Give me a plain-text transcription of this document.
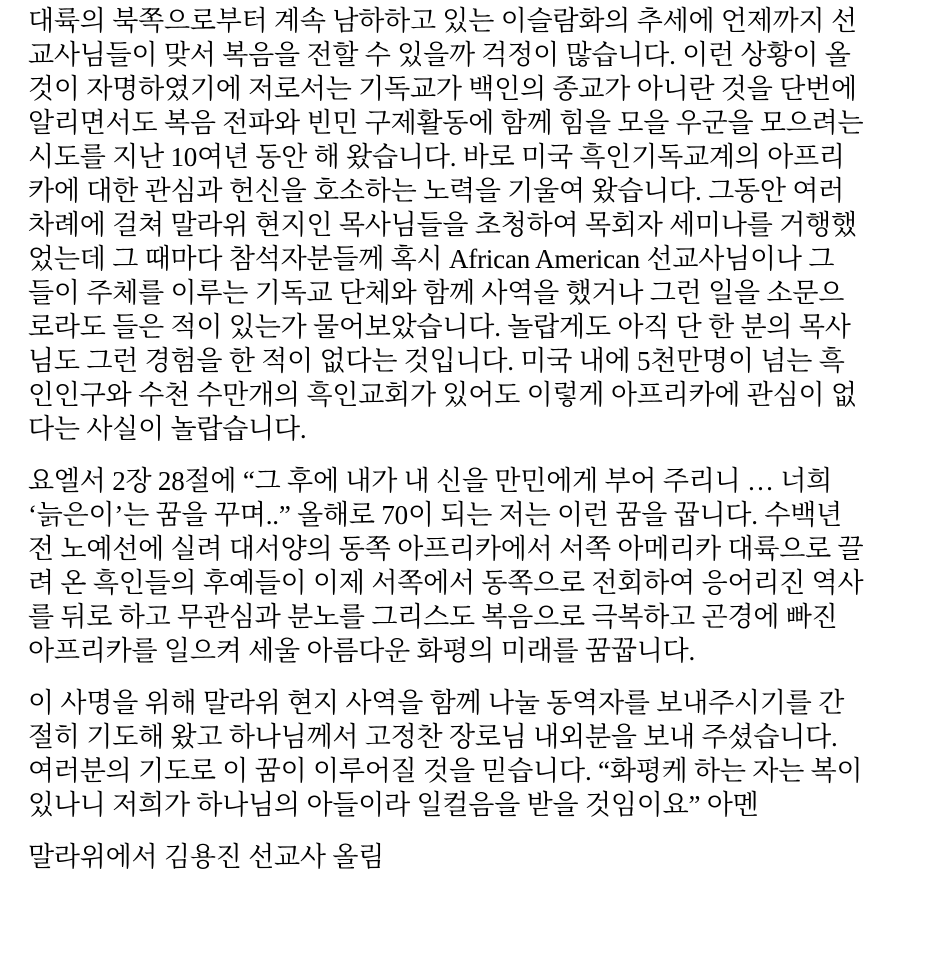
대륙의 북쪽으로부터 계속 남하하고 있는 이슬람화의 추세에 언제까지 선
교사님들이 맞서 복음을 전할 수 있을까 걱정이 많습니다. 이런 상황이 올
것이 자명하였기에 저로서는 기독교가 백인의 종교가 아니란 것을 단번에
알리면서도 복음 전파와 빈민 구제활동에 함께 힘을 모을 우군을 모으려는
시도를 지난 10여년 동안 해 왔습니다. 바로 미국 흑인기독교계의 아프리
카에 대한 관심과 헌신을 호소하는 노력을 기울여 왔습니다. 그동안 여러
차례에 걸쳐 말라위 현지인 목사님들을 초청하여 목회자 세미나를 거행했
었는데 그 때마다 참석자분들께 혹시 African American 선교사님이나 그
들이 주체를 이루는 기독교 단체와 함께 사역을 했거나 그런 일을 소문으
로라도 들은 적이 있는가 물어보았습니다. 놀랍게도 아직 단 한 분의 목사
님도 그런 경험을 한 적이 없다는 것입니다. 미국 내에 5천만명이 넘는 흑
인인구와 수천 수만개의 흑인교회가 있어도 이렇게 아프리카에 관심이 없
다는 사실이 놀랍습니다.
요엘서 2장 28절에 “그 후에 내가 내 신을 만민에게 부어 주리니 … 너희
‘늙은이’는 꿈을 꾸며..” 올해로 70이 되는 저는 이런 꿈을 꿉니다. 수백년
전 노예선에 실려 대서양의 동쪽 아프리카에서 서쪽 아메리카 대륙으로 끌
려 온 흑인들의 후예들이 이제 서쪽에서 동쪽으로 전회하여 응어리진 역사
를 뒤로 하고 무관심과 분노를 그리스도 복음으로 극복하고 곤경에 빠진
아프리카를 일으켜 세울 아름다운 화평의 미래를 꿈꿉니다.
이 사명을 위해 말라위 현지 사역을 함께 나눌 동역자를 보내주시기를 간
절히 기도해 왔고 하나님께서 고정찬 장로님 내외분을 보내 주셨습니다.
여러분의 기도로 이 꿈이 이루어질 것을 믿습니다. “화평케 하는 자는 복이
있나니 저희가 하나님의 아들이라 일컬음을 받을 것임이요” 아멘
말라위에서 김용진 선교사 올림
